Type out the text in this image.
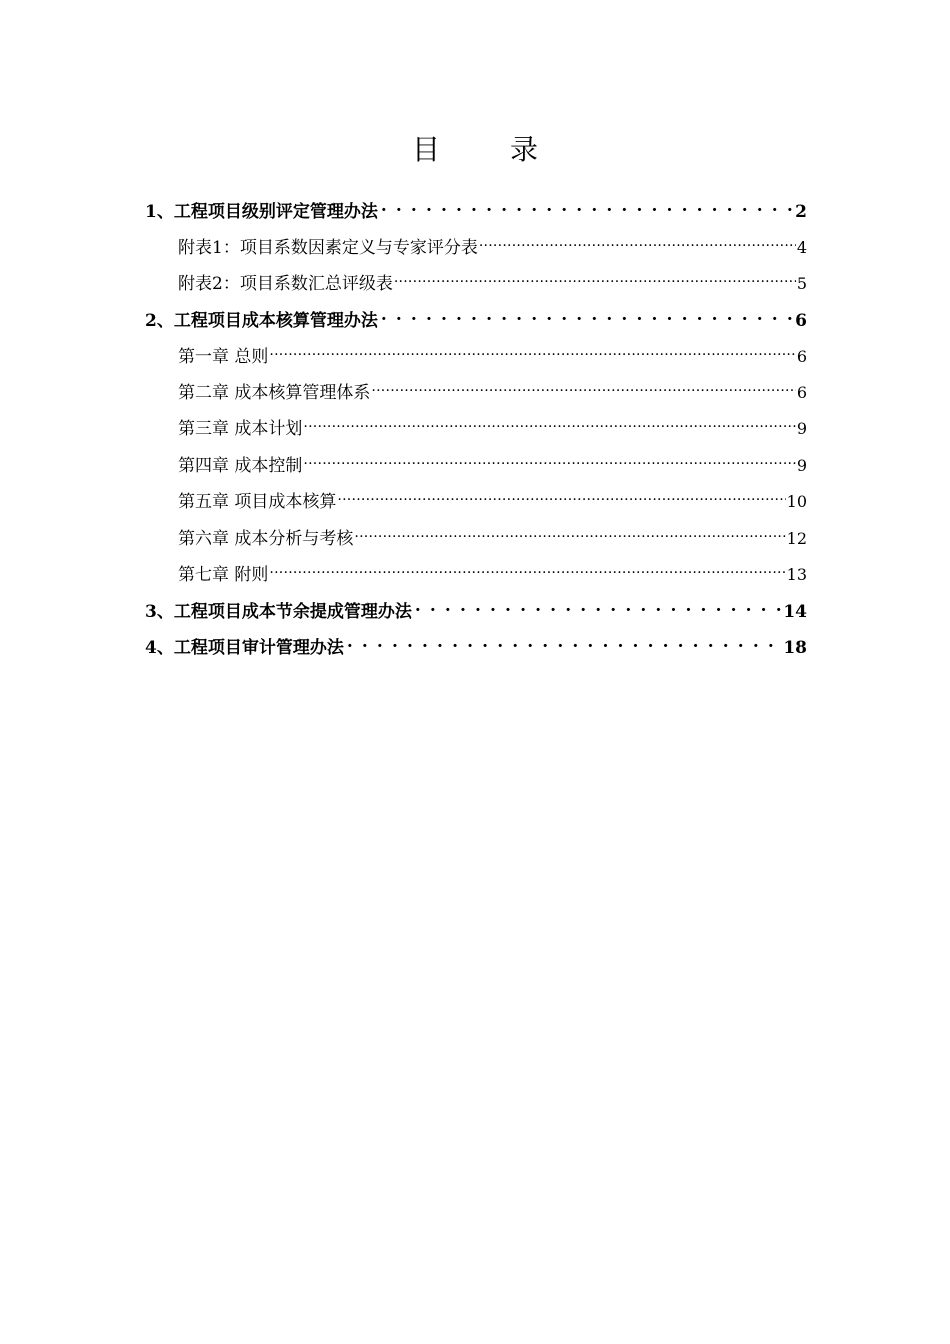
目	录
1、工程项目级别评定管理办法 . . .	2
附表1：项目系数因素定义与专家评分表 .....	4
附表2：项目系数汇总评级表 .....	5
2、工程项目成本核算管理办法 . . .	6
第一章 总则 .....	6
第二章 成本核算管理体系 .....	6
第三章 成本计划 .....	9
第四章 成本控制 .....	9
第五章 项目成本核算 .....	10
第六章 成本分析与考核 .....	12
第七章 附则 .....	13
3、工程项目成本节余提成管理办法 . . .	14
4、工程项目审计管理办法 . . .	18
